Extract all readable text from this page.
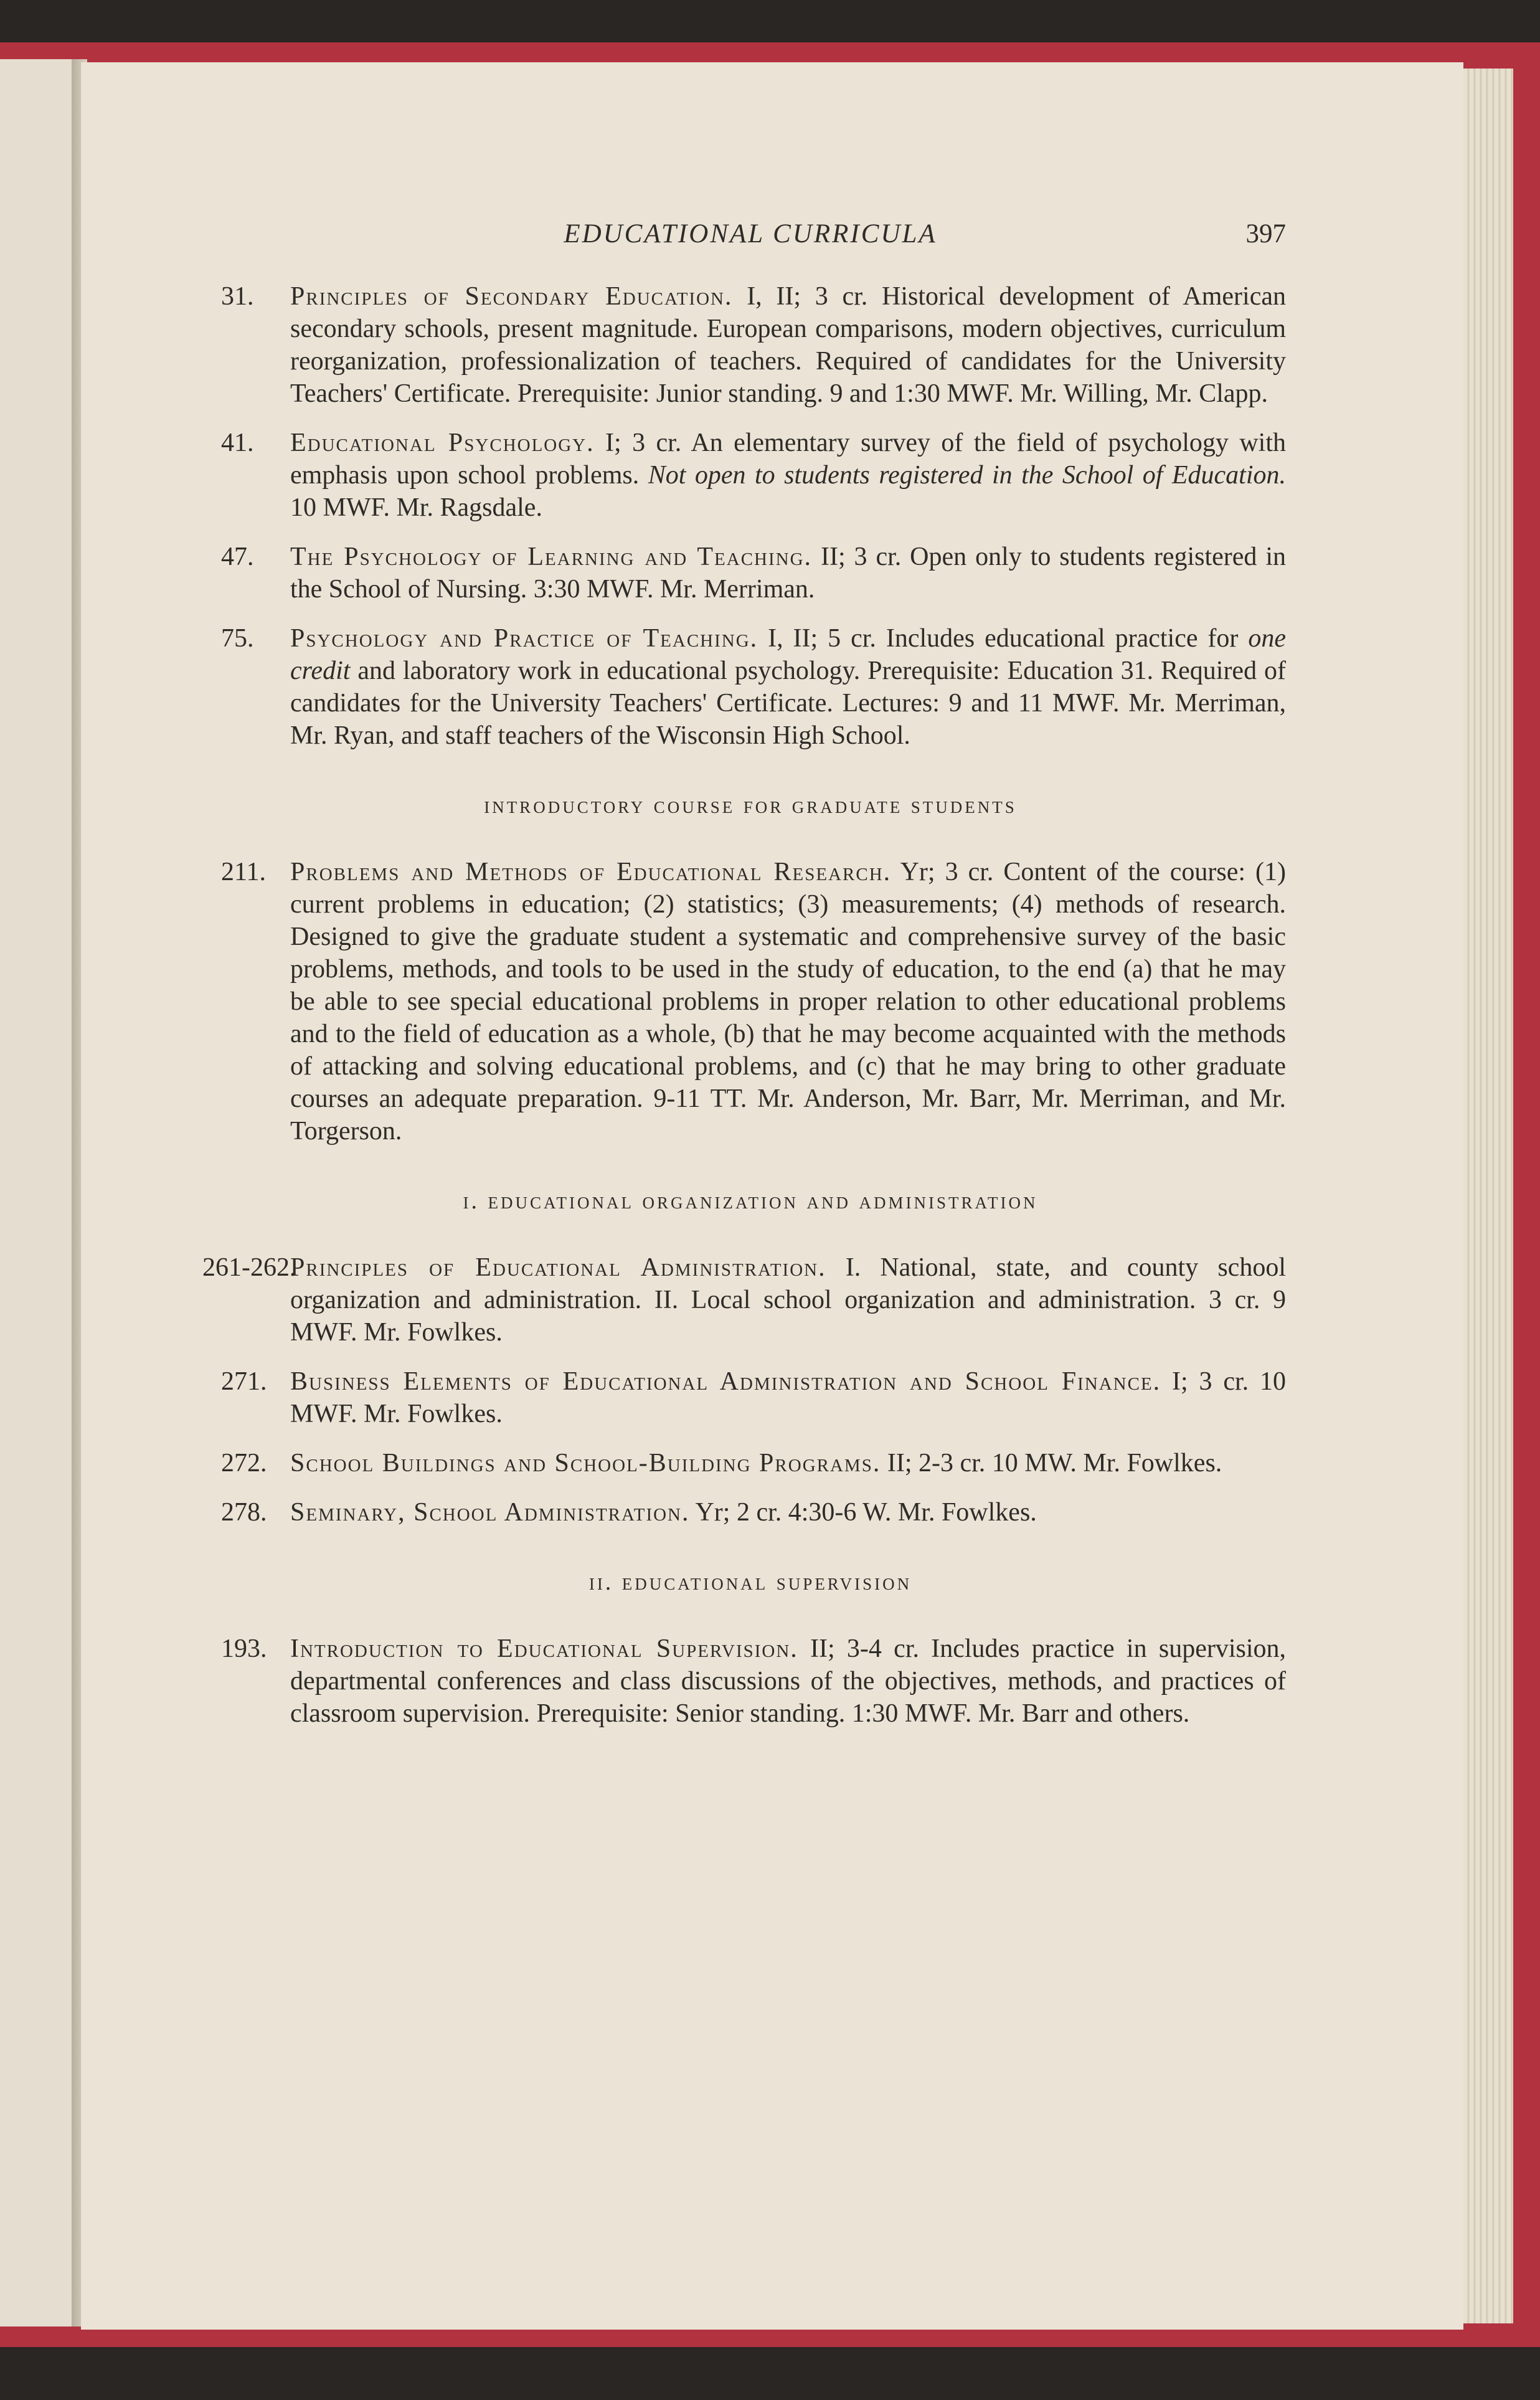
EDUCATIONAL CURRICULA	397
31. Principles of Secondary Education. I, II; 3 cr. Historical development of American secondary schools, present magnitude. European comparisons, modern objectives, curriculum reorganization, professionalization of teachers. Required of candidates for the University Teachers' Certificate. Prerequisite: Junior standing. 9 and 1:30 MWF. Mr. Willing, Mr. Clapp.
41. Educational Psychology. I; 3 cr. An elementary survey of the field of psychology with emphasis upon school problems. Not open to students registered in the School of Education. 10 MWF. Mr. Ragsdale.
47. The Psychology of Learning and Teaching. II; 3 cr. Open only to students registered in the School of Nursing. 3:30 MWF. Mr. Merriman.
75. Psychology and Practice of Teaching. I, II; 5 cr. Includes educational practice for one credit and laboratory work in educational psychology. Prerequisite: Education 31. Required of candidates for the University Teachers' Certificate. Lectures: 9 and 11 MWF. Mr. Merriman, Mr. Ryan, and staff teachers of the Wisconsin High School.
introductory course for graduate students
211. Problems and Methods of Educational Research. Yr; 3 cr. Content of the course: (1) current problems in education; (2) statistics; (3) measurements; (4) methods of research. Designed to give the graduate student a systematic and comprehensive survey of the basic problems, methods, and tools to be used in the study of education, to the end (a) that he may be able to see special educational problems in proper relation to other educational problems and to the field of education as a whole, (b) that he may become acquainted with the methods of attacking and solving educational problems, and (c) that he may bring to other graduate courses an adequate preparation. 9-11 TT. Mr. Anderson, Mr. Barr, Mr. Merriman, and Mr. Torgerson.
i. educational organization and administration
261-262.
Principles of Educational Administration. I. National, state, and county school organization and administration. II. Local school organization and administration. 3 cr. 9 MWF. Mr. Fowlkes.
271. Business Elements of Educational Administration and School Finance. I; 3 cr. 10 MWF. Mr. Fowlkes.
272. School Buildings and School-Building Programs. II; 2-3 cr. 10 MW. Mr. Fowlkes.
278. Seminary, School Administration. Yr; 2 cr. 4:30-6 W. Mr. Fowlkes.
ii. educational supervision
193. Introduction to Educational Supervision. II; 3-4 cr. Includes practice in supervision, departmental conferences and class discussions of the objectives, methods, and practices of classroom supervision. Prerequisite: Senior standing. 1:30 MWF. Mr. Barr and others.
